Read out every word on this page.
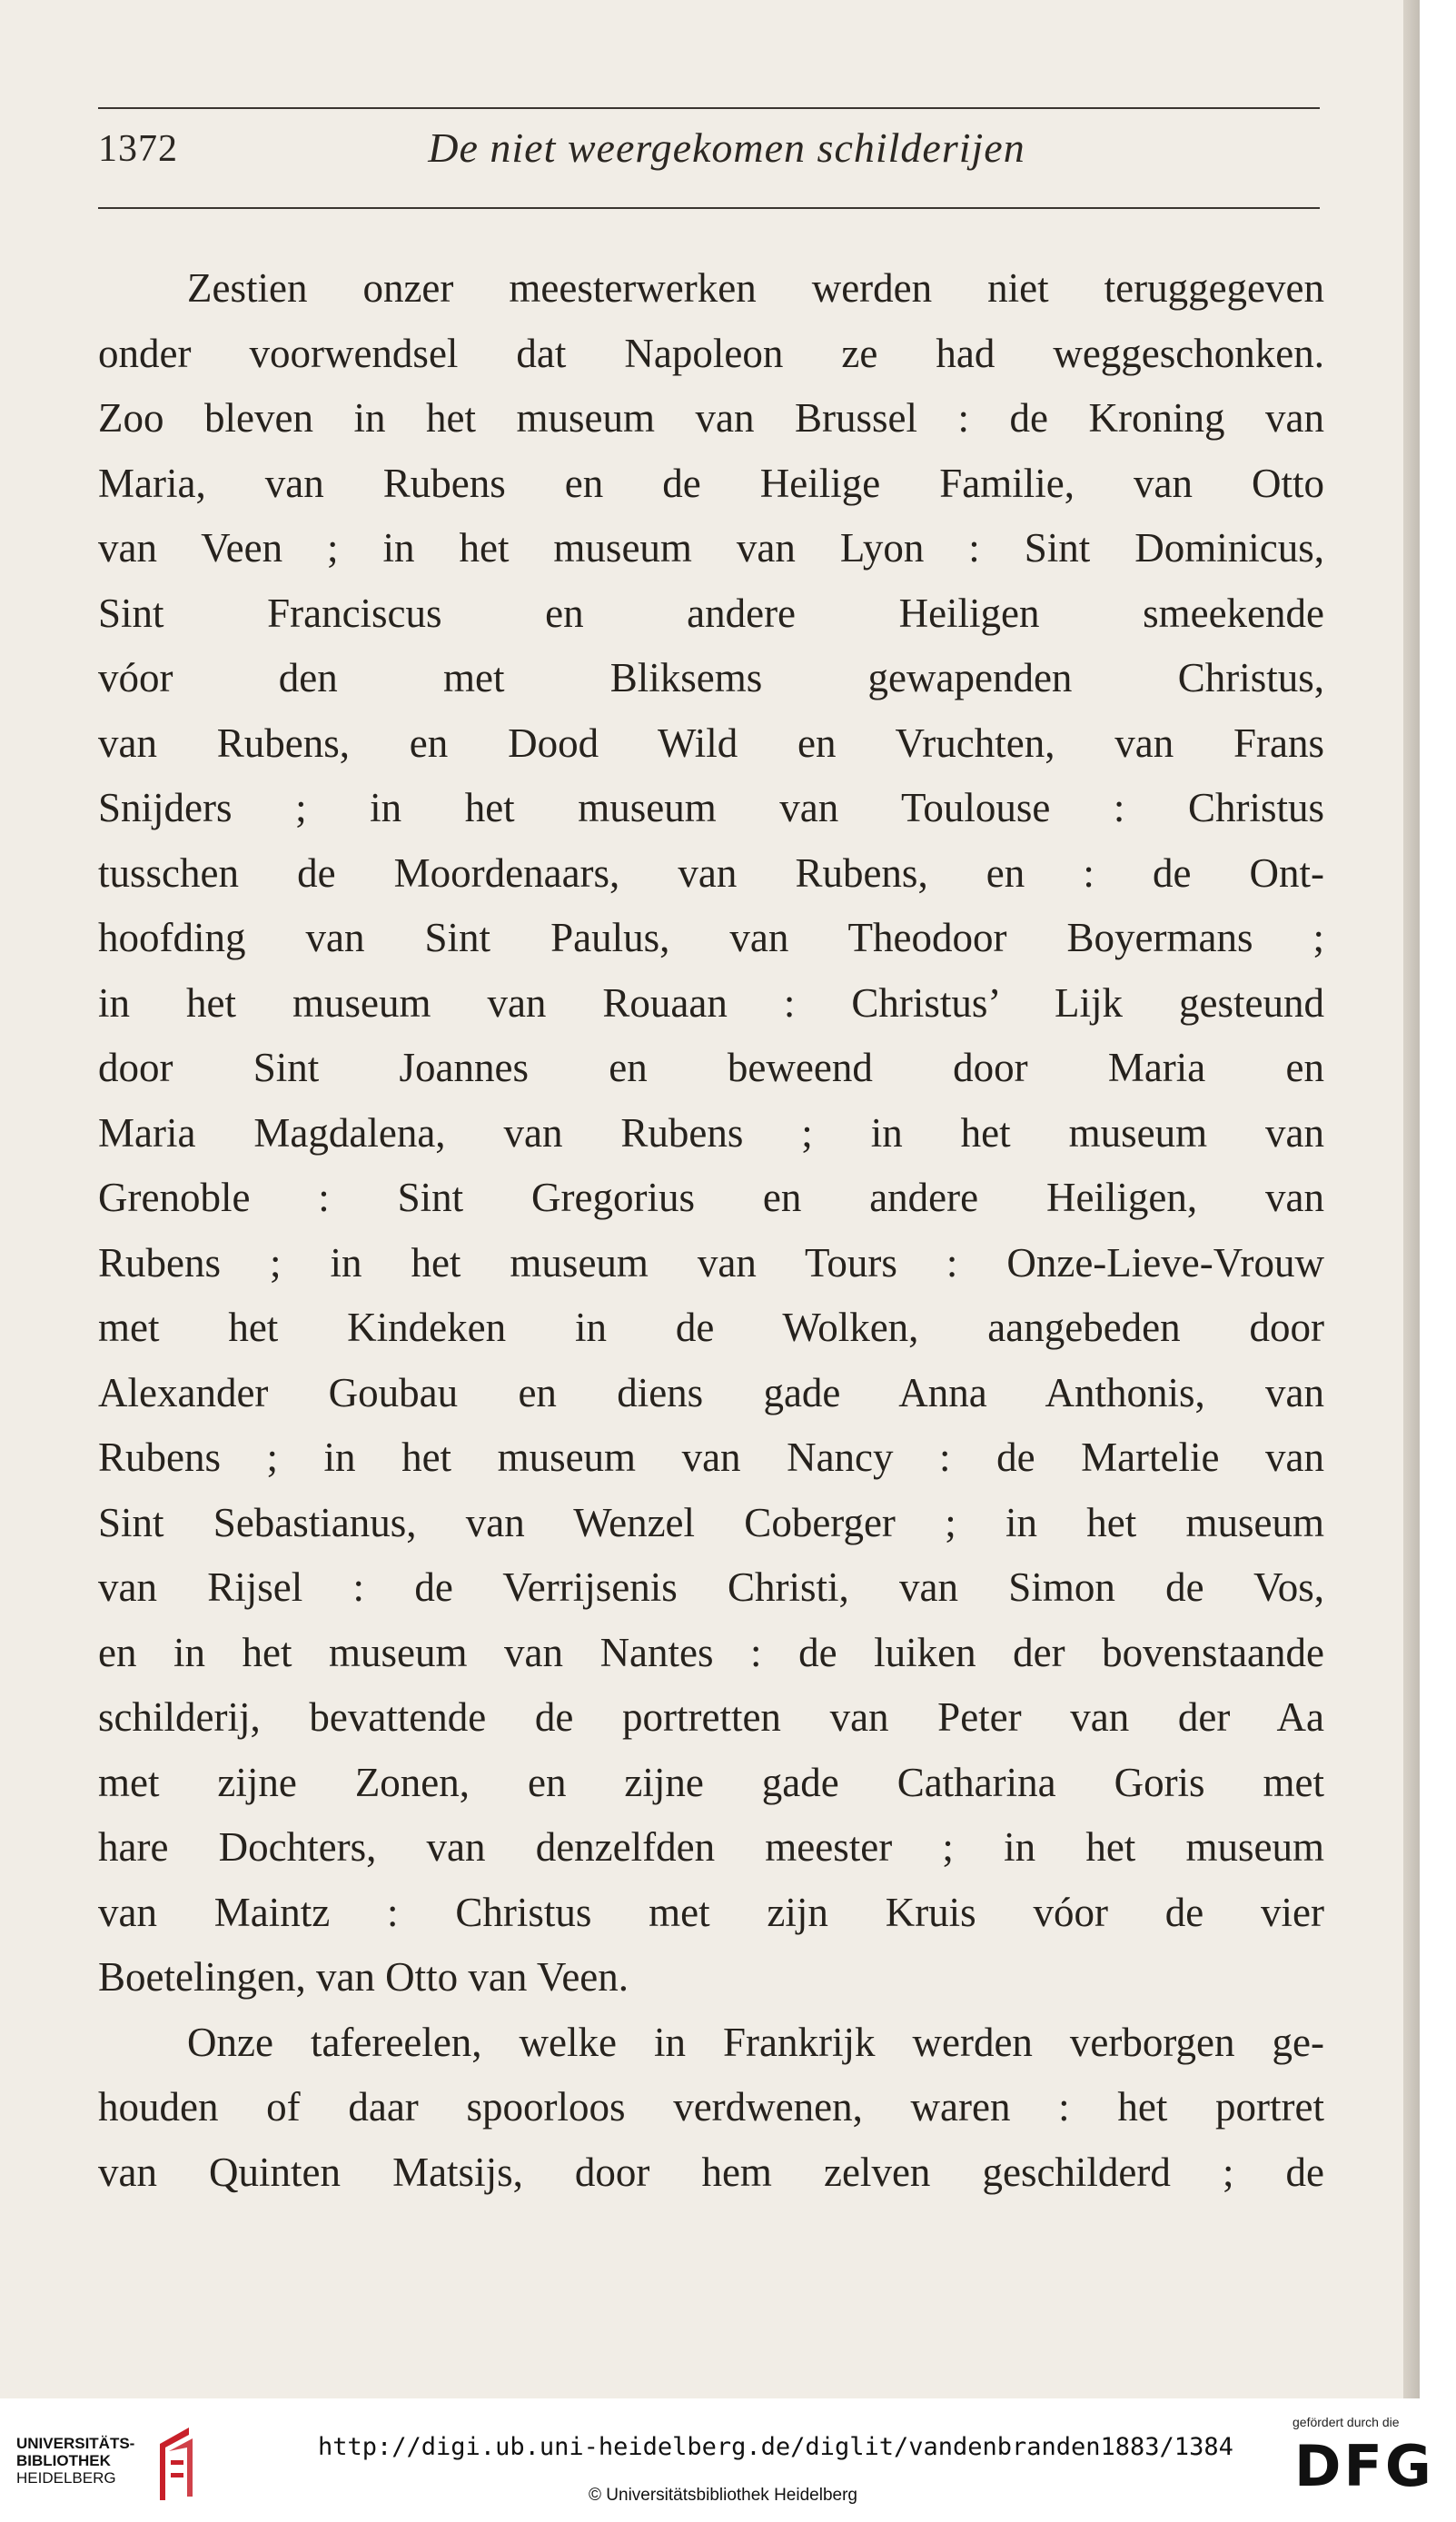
1372	De niet weergekomen schilderijen
Zestien onzer meesterwerken werden niet teruggegeven
onder voorwendsel dat Napoleon ze had weggeschonken.
Zoo bleven in het museum van Brussel : de Kroning van
Maria, van Rubens en de Heilige Familie, van Otto
van Veen ; in het museum van Lyon : Sint Dominicus,
Sint Franciscus en andere Heiligen smeekende
vóor den met Bliksems gewapenden Christus,
van Rubens, en Dood Wild en Vruchten, van Frans
Snijders ; in het museum van Toulouse : Christus
tusschen de Moordenaars, van Rubens, en : de Ont-
hoofding van Sint Paulus, van Theodoor Boyermans ;
in het museum van Rouaan : Christus’ Lijk gesteund
door Sint Joannes en beweend door Maria en
Maria Magdalena, van Rubens ; in het museum van
Grenoble : Sint Gregorius en andere Heiligen, van
Rubens ; in het museum van Tours : Onze-Lieve-Vrouw
met het Kindeken in de Wolken, aangebeden door
Alexander Goubau en diens gade Anna Anthonis, van
Rubens ; in het museum van Nancy : de Martelie van
Sint Sebastianus, van Wenzel Coberger ; in het museum
van Rijsel : de Verrijsenis Christi, van Simon de Vos,
en in het museum van Nantes : de luiken der bovenstaande
schilderij, bevattende de portretten van Peter van der Aa
met zijne Zonen, en zijne gade Catharina Goris met
hare Dochters, van denzelfden meester ; in het museum
van Maintz : Christus met zijn Kruis vóor de vier
Boetelingen, van Otto van Veen.
Onze tafereelen, welke in Frankrijk werden verborgen ge-
houden of daar spoorloos verdwenen, waren : het portret
van Quinten Matsijs, door hem zelven geschilderd ; de
UNIVERSITÄTS-
BIBLIOTHEK
HEIDELBERG
http://digi.ub.uni-heidelberg.de/diglit/vandenbranden1883/1384
© Universitätsbibliothek Heidelberg
gefördert durch die
DFG
